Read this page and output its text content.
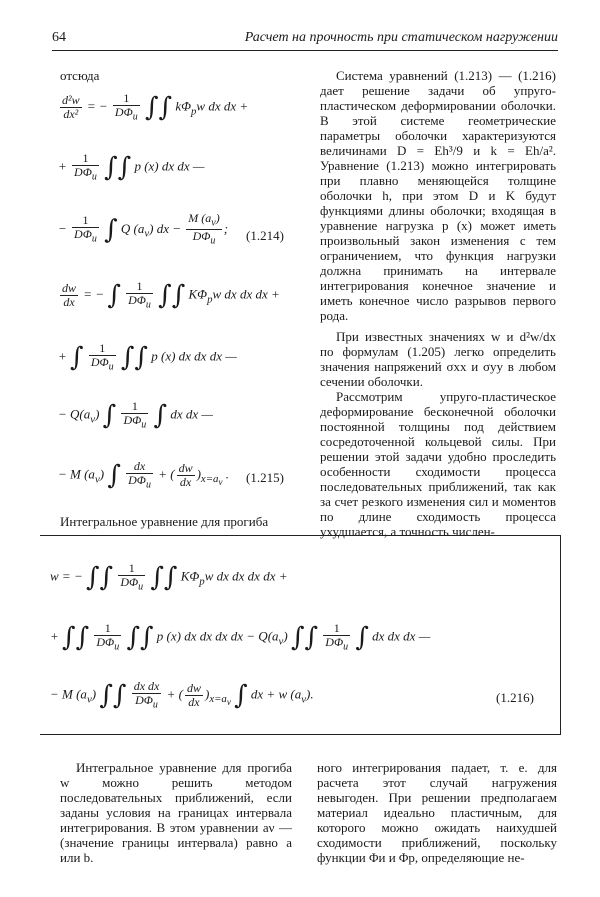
64	Расчет на прочность при статическом нагружении

отсюда

$\frac{\text{d²w}}{\text{dx²}}$ = − $\frac{1}{D\Phi_и}$ ∫∫ $k\Phi_pw$ dx dx +
+ $\frac{1}{D\Phi_и}$ ∫∫ p (x) dx dx —
− $\frac{1}{D\Phi_и}$ ∫ Q $(a_\nu)$ dx − $\frac{M (a_\nu)}{D\Phi_и}$ ; (1.214)
$\frac{dw}{dx}$ = − ∫ $\frac{1}{D\Phi_и}$ ∫∫ $K\Phi_pw$ dx dx dx +
+ ∫ $\frac{1}{D\Phi_и}$ ∫∫ p (x) dx dx dx —
− $Q(a_\nu)$ ∫ $\frac{1}{D\Phi_и}$ ∫ dx dx —
− M $(a_\nu)$ ∫ $\frac{dx}{D\Phi_и}$ + ( $\frac{dw}{dx} )_{x=a_\nu}$ . (1.215)

Интегральное уравнение для прогиба

Система уравнений (1.213) — (1.216) дает решение задачи об упруго-пластическом деформировании оболочки. В этой системе геометрические параметры оболочки характеризуются величинами D = Eh³/9 и k = Eh/a². Уравнение (1.213) можно интегрировать при плавно меняющейся толщине оболочки h, при этом D и K будут функциями длины оболочки; входящая в уравнение нагрузка p (x) может иметь произвольный закон изменения с тем ограничением, что функция нагрузки должна принимать на интервале интегрирования конечное значение и иметь конечное число разрывов первого рода.

При известных значениях w и d²w/dx по формулам (1.205) легко определить значения напряжений σxx и σyy в любом сечении оболочки.

Рассмотрим упруго-пластическое деформирование бесконечной оболочки постоянной толщины под действием сосредоточенной кольцевой силы. При решении этой задачи удобно проследить особенности сходимости процесса последовательных приближений, так как за счет резкого изменения сил и моментов по длине сходимость процесса ухудшается, а точность числен-

w = − ∫∫ $\frac{1}{D\Phi_и}$ ∫∫ $K\Phi_pw$ dx dx dx dx +
+ ∫∫ $\frac{1}{D\Phi_и}$ ∫∫ p (x) dx dx dx dx − $Q(a_\nu)$ ∫∫ $\frac{1}{D\Phi_и}$ ∫ dx dx dx —
− M $(a_\nu)$ ∫∫ $\frac{\text{dx dx}}{D\Phi_и}$ + ( $\frac{dw}{dx} )_{x=a_\nu}$ ∫ dx + w $(a_\nu)$.	(1.216)

Интегральное уравнение для прогиба w можно решить методом последовательных приближений, если заданы условия на границах интервала интегрирования. В этом уравнении aν — (значение границы интервала) равно a или b.

ного интегрирования падает, т. е. для расчета этот случай нагружения невыгоден. При решении предполагаем материал идеально пластичным, для которого можно ожидать наихудшей сходимости приближений, поскольку функции Φи и Φp, определяющие не-
